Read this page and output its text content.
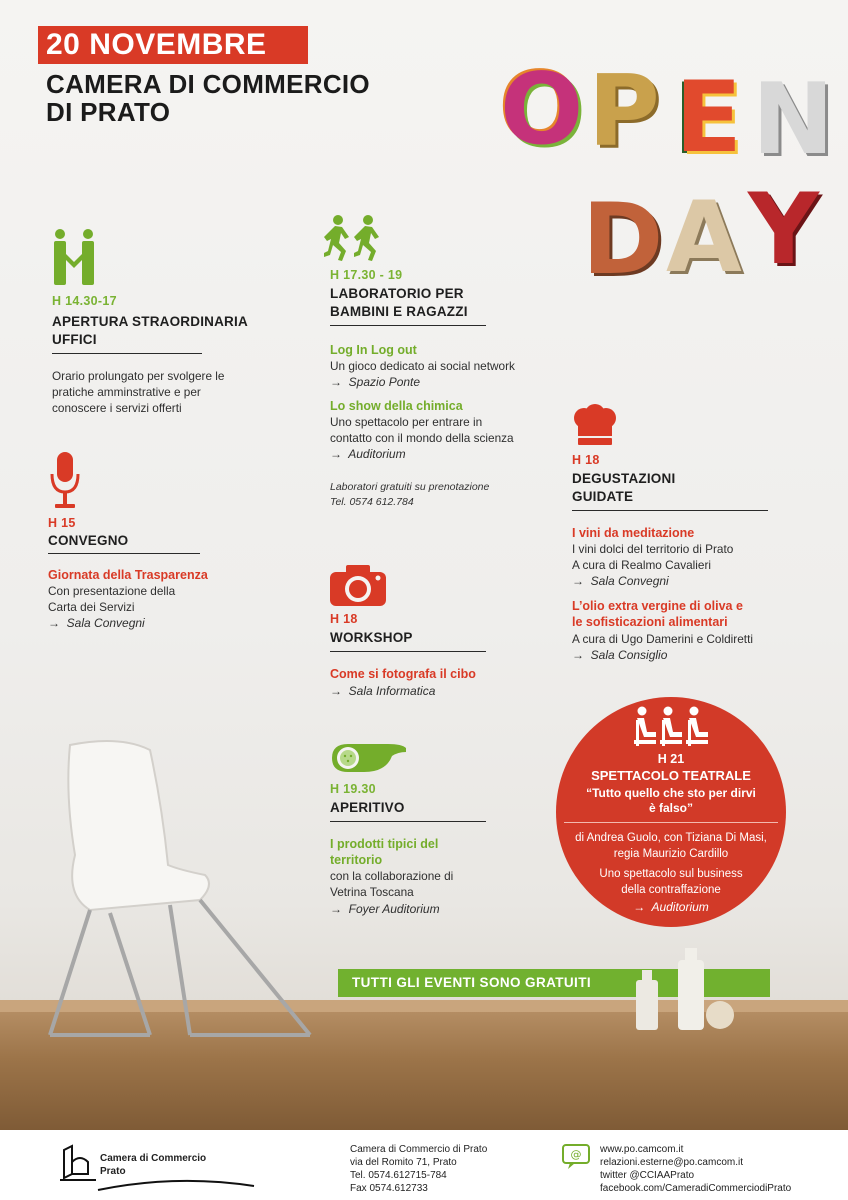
20 NOVEMBRE
CAMERA DI COMMERCIO
DI PRATO	O P E N
D A Y
H 14.30-17
APERTURA STRAORDINARIA
UFFICI
Orario prolungato per svolgere le
pratiche amminstrative e per
conoscere i servizi offerti
H 15
CONVEGNO
Giornata della Trasparenza
Con presentazione della
Carta dei Servizi
→ Sala Convegni
H 17.30 - 19
LABORATORIO PER
BAMBINI E RAGAZZI
Log In Log out
Un gioco dedicato ai social network
→ Spazio Ponte
Lo show della chimica
Uno spettacolo per entrare in
contatto con il mondo della scienza
→ Auditorium
Laboratori gratuiti su prenotazione
Tel. 0574 612.784
H 18
WORKSHOP
Come si fotografa il cibo
→ Sala Informatica
H 19.30
APERITIVO
I prodotti tipici del
territorio
con la collaborazione di
Vetrina Toscana
→ Foyer Auditorium
H 18
DEGUSTAZIONI
GUIDATE
I vini da meditazione
I vini dolci del territorio di Prato
A cura di Realmo Cavalieri
→ Sala Convegni
L’olio extra vergine di oliva e
le sofisticazioni alimentari
A cura di Ugo Damerini e Coldiretti
→ Sala Consiglio
H 21
SPETTACOLO TEATRALE
“Tutto quello che sto per dirvi
è falso”
di Andrea Guolo, con Tiziana Di Masi,
regia Maurizio Cardillo
Uno spettacolo sul business
della contraffazione
→ Auditorium
TUTTI GLI EVENTI SONO GRATUITI
Camera di Commercio
Prato
Camera di Commercio di Prato
via del Romito 71, Prato
Tel. 0574.612715-784
Fax 0574.612733
@ www.po.camcom.it
relazioni.esterne@po.camcom.it
twitter @CCIAAPrato
facebook.com/CameradiCommerciodiPrato
